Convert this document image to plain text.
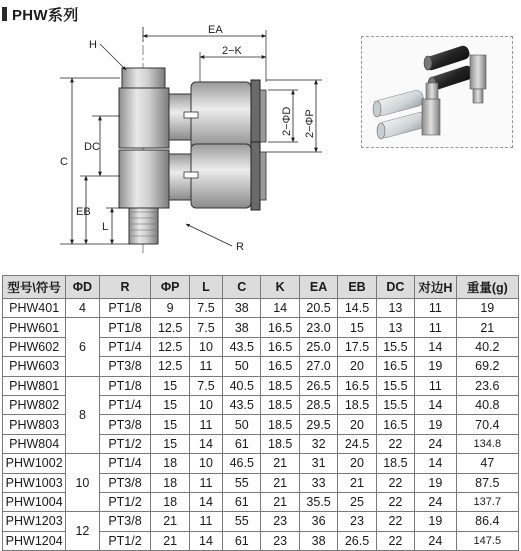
PHW系列
EA
2−K
H
C
DC
EB
L
R
2−ΦD 2−ΦP
型号\符号	ΦD	R	ΦP	L	C	K	EA	EB	DC	对边H	重量(g)
PHW401	4	PT1/8	9	7.5	38	14	20.5	14.5	13	11	19
PHW601	6	PT1/8	12.5	7.5	38	16.5	23.0	15	13	11	21
PHW602		PT1/4	12.5	10	43.5	16.5	25.0	17.5	15.5	14	40.2
PHW603		PT3/8	12.5	11	50	16.5	27.0	20	16.5	19	69.2
PHW801	8	PT1/8	15	7.5	40.5	18.5	26.5	16.5	15.5	11	23.6
PHW802		PT1/4	15	10	43.5	18.5	28.5	18.5	15.5	14	40.8
PHW803		PT3/8	15	11	50	18.5	29.5	20	16.5	19	70.4
PHW804		PT1/2	15	14	61	18.5	32	24.5	22	24	134.8
PHW1002	10	PT1/4	18	10	46.5	21	31	20	18.5	14	47
PHW1003		PT3/8	18	11	55	21	33	21	22	19	87.5
PHW1004		PT1/2	18	14	61	21	35.5	25	22	24	137.7
PHW1203	12	PT3/8	21	11	55	23	36	23	22	19	86.4
PHW1204		PT1/2	21	14	61	23	38	26.5	22	24	147.5
